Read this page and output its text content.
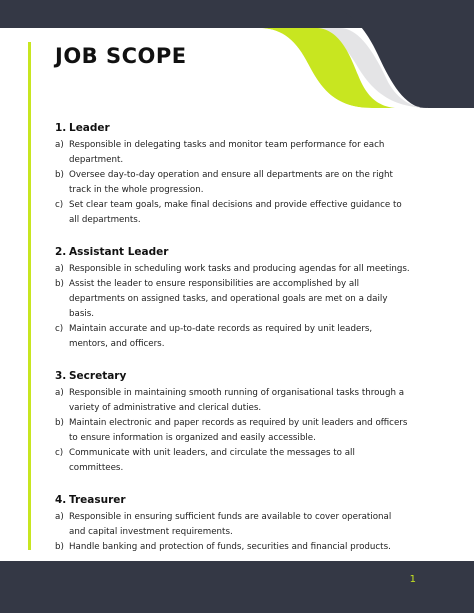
JOB SCOPE
1. Leader
a) Responsible in delegating tasks and monitor team performance for each
department.
b) Oversee day-to-day operation and ensure all departments are on the right
track in the whole progression.
c) Set clear team goals, make final decisions and provide effective guidance to
all departments.
2. Assistant Leader
a) Responsible in scheduling work tasks and producing agendas for all meetings.
b) Assist the leader to ensure responsibilities are accomplished by all
departments on assigned tasks, and operational goals are met on a daily
basis.
c) Maintain accurate and up-to-date records as required by unit leaders,
mentors, and officers.
3. Secretary
a) Responsible in maintaining smooth running of organisational tasks through a
variety of administrative and clerical duties.
b) Maintain electronic and paper records as required by unit leaders and officers
to ensure information is organized and easily accessible.
c) Communicate with unit leaders, and circulate the messages to all
committees.
4. Treasurer
a) Responsible in ensuring sufficient funds are available to cover operational
and capital investment requirements.
b) Handle banking and protection of funds, securities and financial products.
1
